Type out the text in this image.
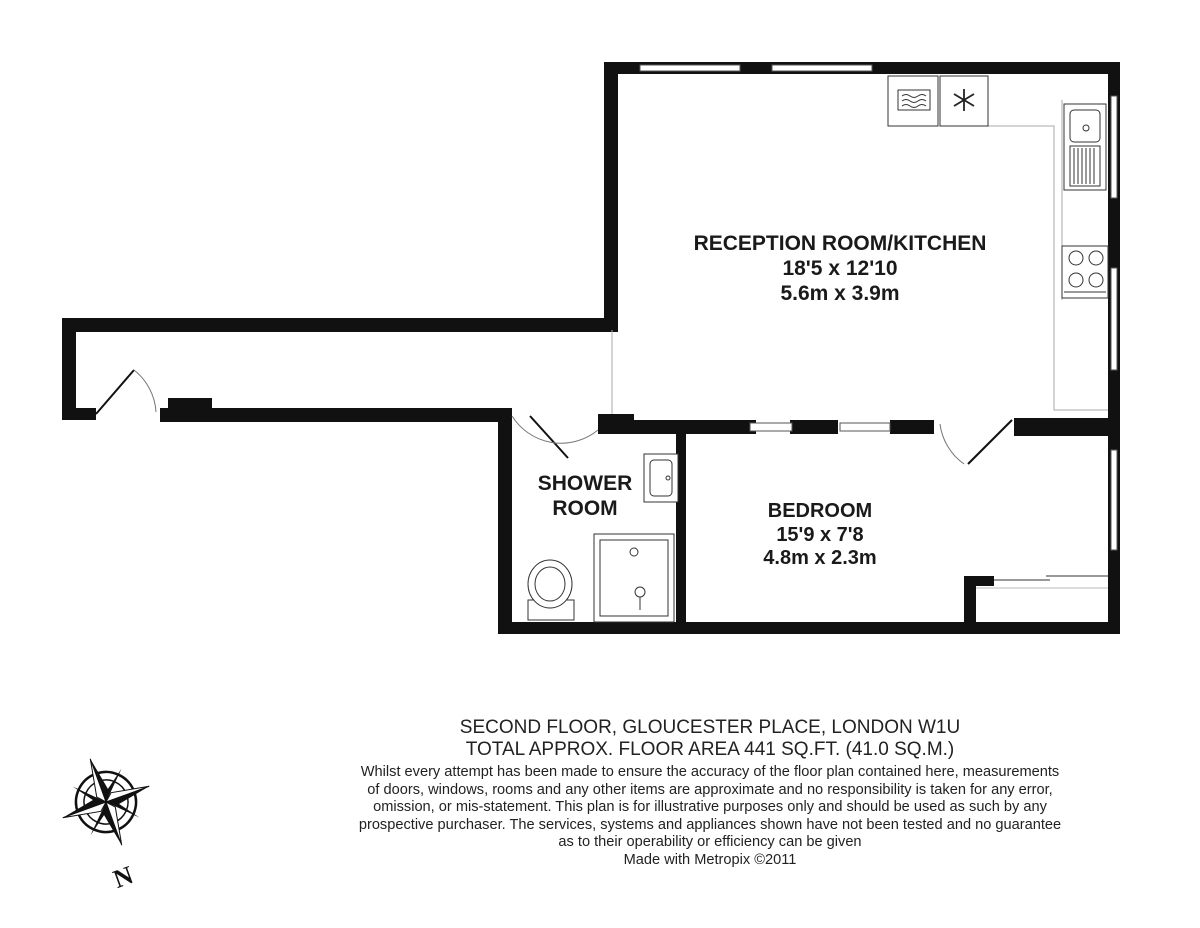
RECEPTION ROOM/KITCHEN
18'5 x 12'10
5.6m x 3.9m
SHOWER
ROOM	BEDROOM
15'9 x 7'8
4.8m x 2.3m
SECOND FLOOR, GLOUCESTER PLACE, LONDON W1U
TOTAL APPROX. FLOOR AREA 441 SQ.FT. (41.0 SQ.M.)
Whilst every attempt has been made to ensure the accuracy of the floor plan contained here, measurements
of doors, windows, rooms and any other items are approximate and no responsibility is taken for any error,
omission, or mis-statement. This plan is for illustrative purposes only and should be used as such by any
prospective purchaser. The services, systems and appliances shown have not been tested and no guarantee
as to their operability or efficiency can be given
Made with Metropix ©2011
N
